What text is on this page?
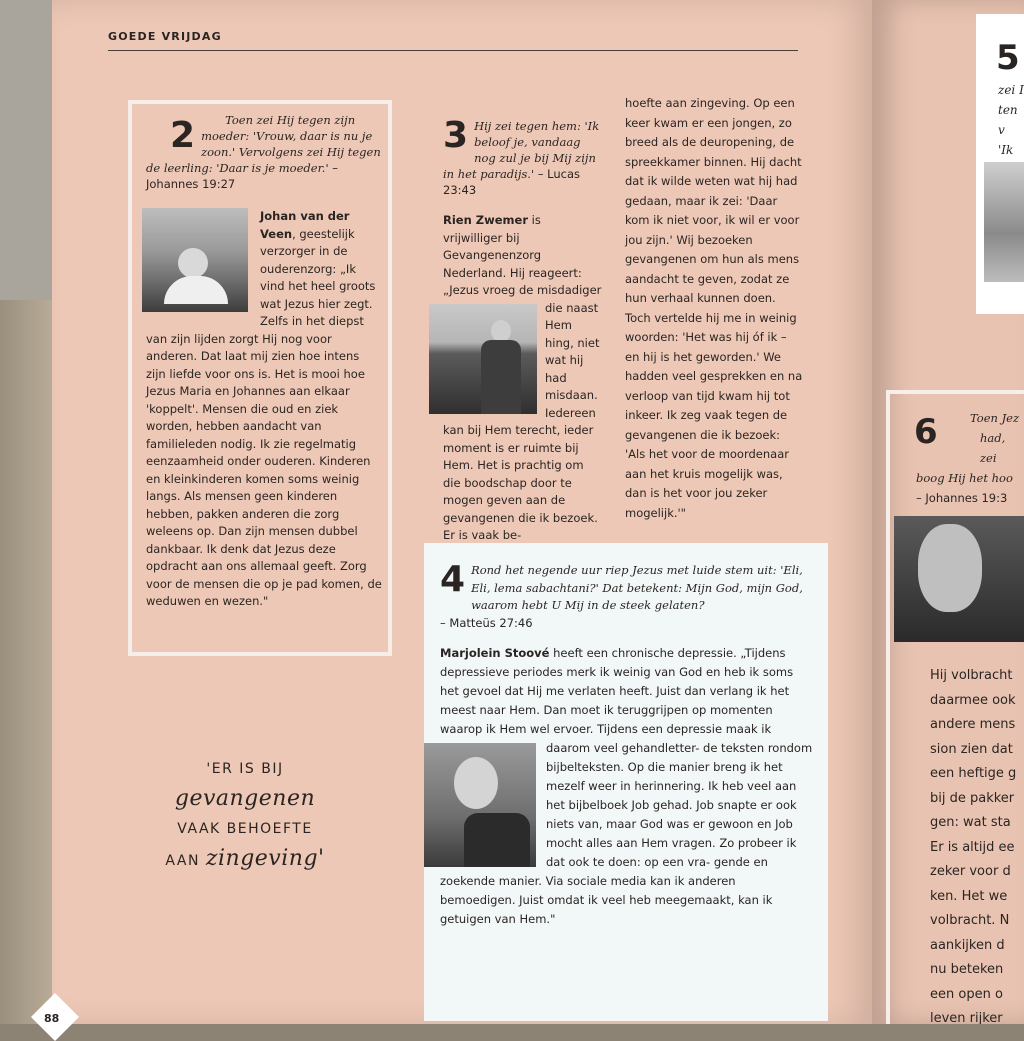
GOEDE VRIJDAG
2	Toen zei Hij tegen zijn moeder: 'Vrouw, daar is nu je zoon.' Vervolgens zei Hij tegen de leerling: 'Daar is je moeder.' – Johannes 19:27
Johan van der Veen, geestelijk verzorger in de ouderenzorg: „Ik vind het heel groots wat Jezus hier zegt. Zelfs in het diepst van zijn lijden zorgt Hij nog voor anderen. Dat laat mij zien hoe intens zijn liefde voor ons is. Het is mooi hoe Jezus Maria en Johannes aan elkaar 'koppelt'. Mensen die oud en ziek worden, hebben aandacht van familieleden nodig. Ik zie regelmatig eenzaamheid onder ouderen. Kinderen en kleinkinderen komen soms weinig langs. Als mensen geen kinderen hebben, pakken anderen die zorg weleens op. Dan zijn mensen dubbel dankbaar. Ik denk dat Jezus deze opdracht aan ons allemaal geeft. Zorg voor de mensen die op je pad komen, de weduwen en wezen."
'ER IS BIJ
gevangenen
VAAK BEHOEFTE
AAN zingeving'
3 Hij zei tegen hem: 'Ik beloof je, vandaag nog zul je bij Mij zijn in het paradijs.' – Lucas 23:43
Rien Zwemer is vrijwilliger bij Gevangenenzorg Nederland. Hij reageert: „Jezus vroeg de misdadiger die naast Hem hing, niet wat hij had misdaan. Iedereen kan bij Hem terecht, ieder moment is er ruimte bij Hem. Het is prachtig om die boodschap door te mogen geven aan de gevangenen die ik bezoek. Er is vaak be-
hoefte aan zingeving. Op een keer kwam er een jongen, zo breed als de deuropening, de spreekkamer binnen. Hij dacht dat ik wilde weten wat hij had gedaan, maar ik zei: 'Daar kom ik niet voor, ik wil er voor jou zijn.' Wij bezoeken gevangenen om hun als mens aandacht te geven, zodat ze hun verhaal kunnen doen. Toch vertelde hij me in weinig woorden: 'Het was hij óf ik – en hij is het geworden.' We hadden veel gesprekken en na verloop van tijd kwam hij tot inkeer. Ik zeg vaak tegen de gevangenen die ik bezoek: 'Als het voor de moordenaar aan het kruis mogelijk was, dan is het voor jou zeker mogelijk.'"
4 Rond het negende uur riep Jezus met luide stem uit: 'Eli, Eli, lema sabachtani?' Dat betekent: Mijn God, mijn God, waarom hebt U Mij in de steek gelaten?
– Matteüs 27:46
Marjolein Stoové heeft een chronische depressie. „Tijdens depressieve periodes merk ik weinig van God en heb ik soms het gevoel dat Hij me verlaten heeft. Juist dan verlang ik het meest naar Hem. Dan moet ik teruggrijpen op momenten waarop ik Hem wel ervoer. Tijdens een depressie maak ik daarom veel gehandletter- de teksten rondom bijbelteksten. Op die manier breng ik het mezelf weer in herinnering. Ik heb veel aan het bijbelboek Job gehad. Job snapte er ook niets van, maar God was er gewoon en Job mocht alles aan Hem vragen. Zo probeer ik dat ook te doen: op een vra- gende en zoekende manier. Via sociale media kan ik anderen bemoedigen. Juist omdat ik veel heb meegemaakt, kan ik getuigen van Hem."
88
5
zei I
ten v
'Ik
6	Toen Jez
had, zei
boog Hij het hoo
– Johannes 19:3
Hij volbracht
daarmee ook
andere mens
sion zien dat
een heftige g
bij de pakker
gen: wat sta
Er is altijd ee
zeker voor d
ken. Het we
volbracht. N
aankijken d
nu beteken
een open o
leven rijker
